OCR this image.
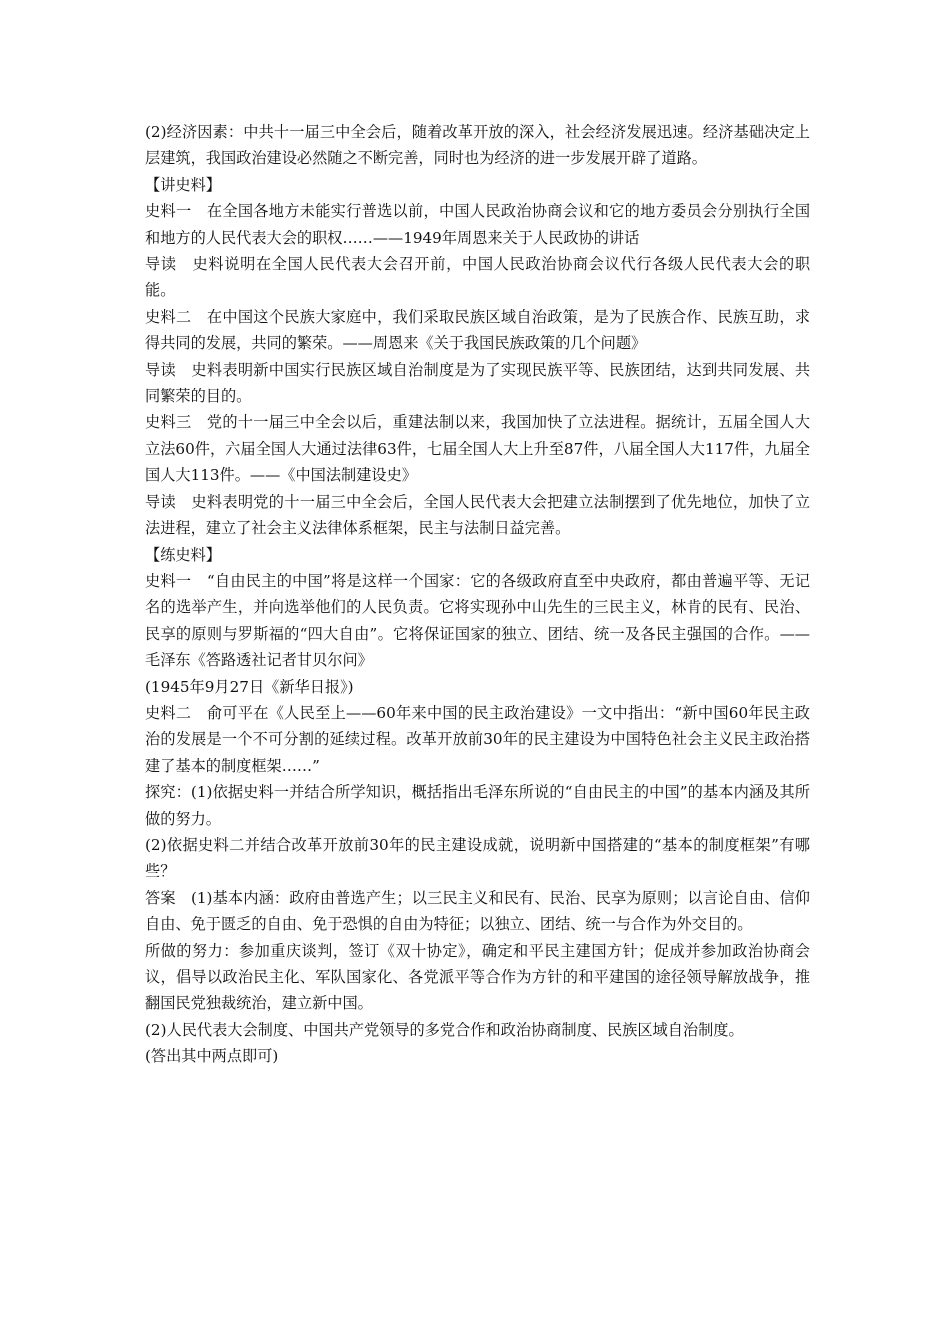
(2)经济因素：中共十一届三中全会后，随着改革开放的深入，社会经济发展迅速。经济基础决定上层建筑，我国政治建设必然随之不断完善，同时也为经济的进一步发展开辟了道路。

【讲史料】

史料一　在全国各地方未能实行普选以前，中国人民政治协商会议和它的地方委员会分别执行全国和地方的人民代表大会的职权……——1949年周恩来关于人民政协的讲话

导读　史料说明在全国人民代表大会召开前，中国人民政治协商会议代行各级人民代表大会的职能。

史料二　在中国这个民族大家庭中，我们采取民族区域自治政策，是为了民族合作、民族互助，求得共同的发展，共同的繁荣。——周恩来《关于我国民族政策的几个问题》

导读　史料表明新中国实行民族区域自治制度是为了实现民族平等、民族团结，达到共同发展、共同繁荣的目的。

史料三　党的十一届三中全会以后，重建法制以来，我国加快了立法进程。据统计，五届全国人大立法60件，六届全国人大通过法律63件，七届全国人大上升至87件，八届全国人大117件，九届全国人大113件。——《中国法制建设史》

导读　史料表明党的十一届三中全会后，全国人民代表大会把建立法制摆到了优先地位，加快了立法进程，建立了社会主义法律体系框架，民主与法制日益完善。

【练史料】

史料一　“自由民主的中国”将是这样一个国家：它的各级政府直至中央政府，都由普遍平等、无记名的选举产生，并向选举他们的人民负责。它将实现孙中山先生的三民主义，林肯的民有、民治、民享的原则与罗斯福的“四大自由”。它将保证国家的独立、团结、统一及各民主强国的合作。——毛泽东《答路透社记者甘贝尔问》

(1945年9月27日《新华日报》)

史料二　俞可平在《人民至上——60年来中国的民主政治建设》一文中指出：“新中国60年民主政治的发展是一个不可分割的延续过程。改革开放前30年的民主建设为中国特色社会主义民主政治搭建了基本的制度框架……”

探究：(1)依据史料一并结合所学知识，概括指出毛泽东所说的“自由民主的中国”的基本内涵及其所做的努力。

(2)依据史料二并结合改革开放前30年的民主建设成就，说明新中国搭建的“基本的制度框架”有哪些？

答案　(1)基本内涵：政府由普选产生；以三民主义和民有、民治、民享为原则；以言论自由、信仰自由、免于匮乏的自由、免于恐惧的自由为特征；以独立、团结、统一与合作为外交目的。

所做的努力：参加重庆谈判，签订《双十协定》，确定和平民主建国方针；促成并参加政治协商会议，倡导以政治民主化、军队国家化、各党派平等合作为方针的和平建国的途径领导解放战争，推翻国民党独裁统治，建立新中国。

(2)人民代表大会制度、中国共产党领导的多党合作和政治协商制度、民族区域自治制度。

(答出其中两点即可)
